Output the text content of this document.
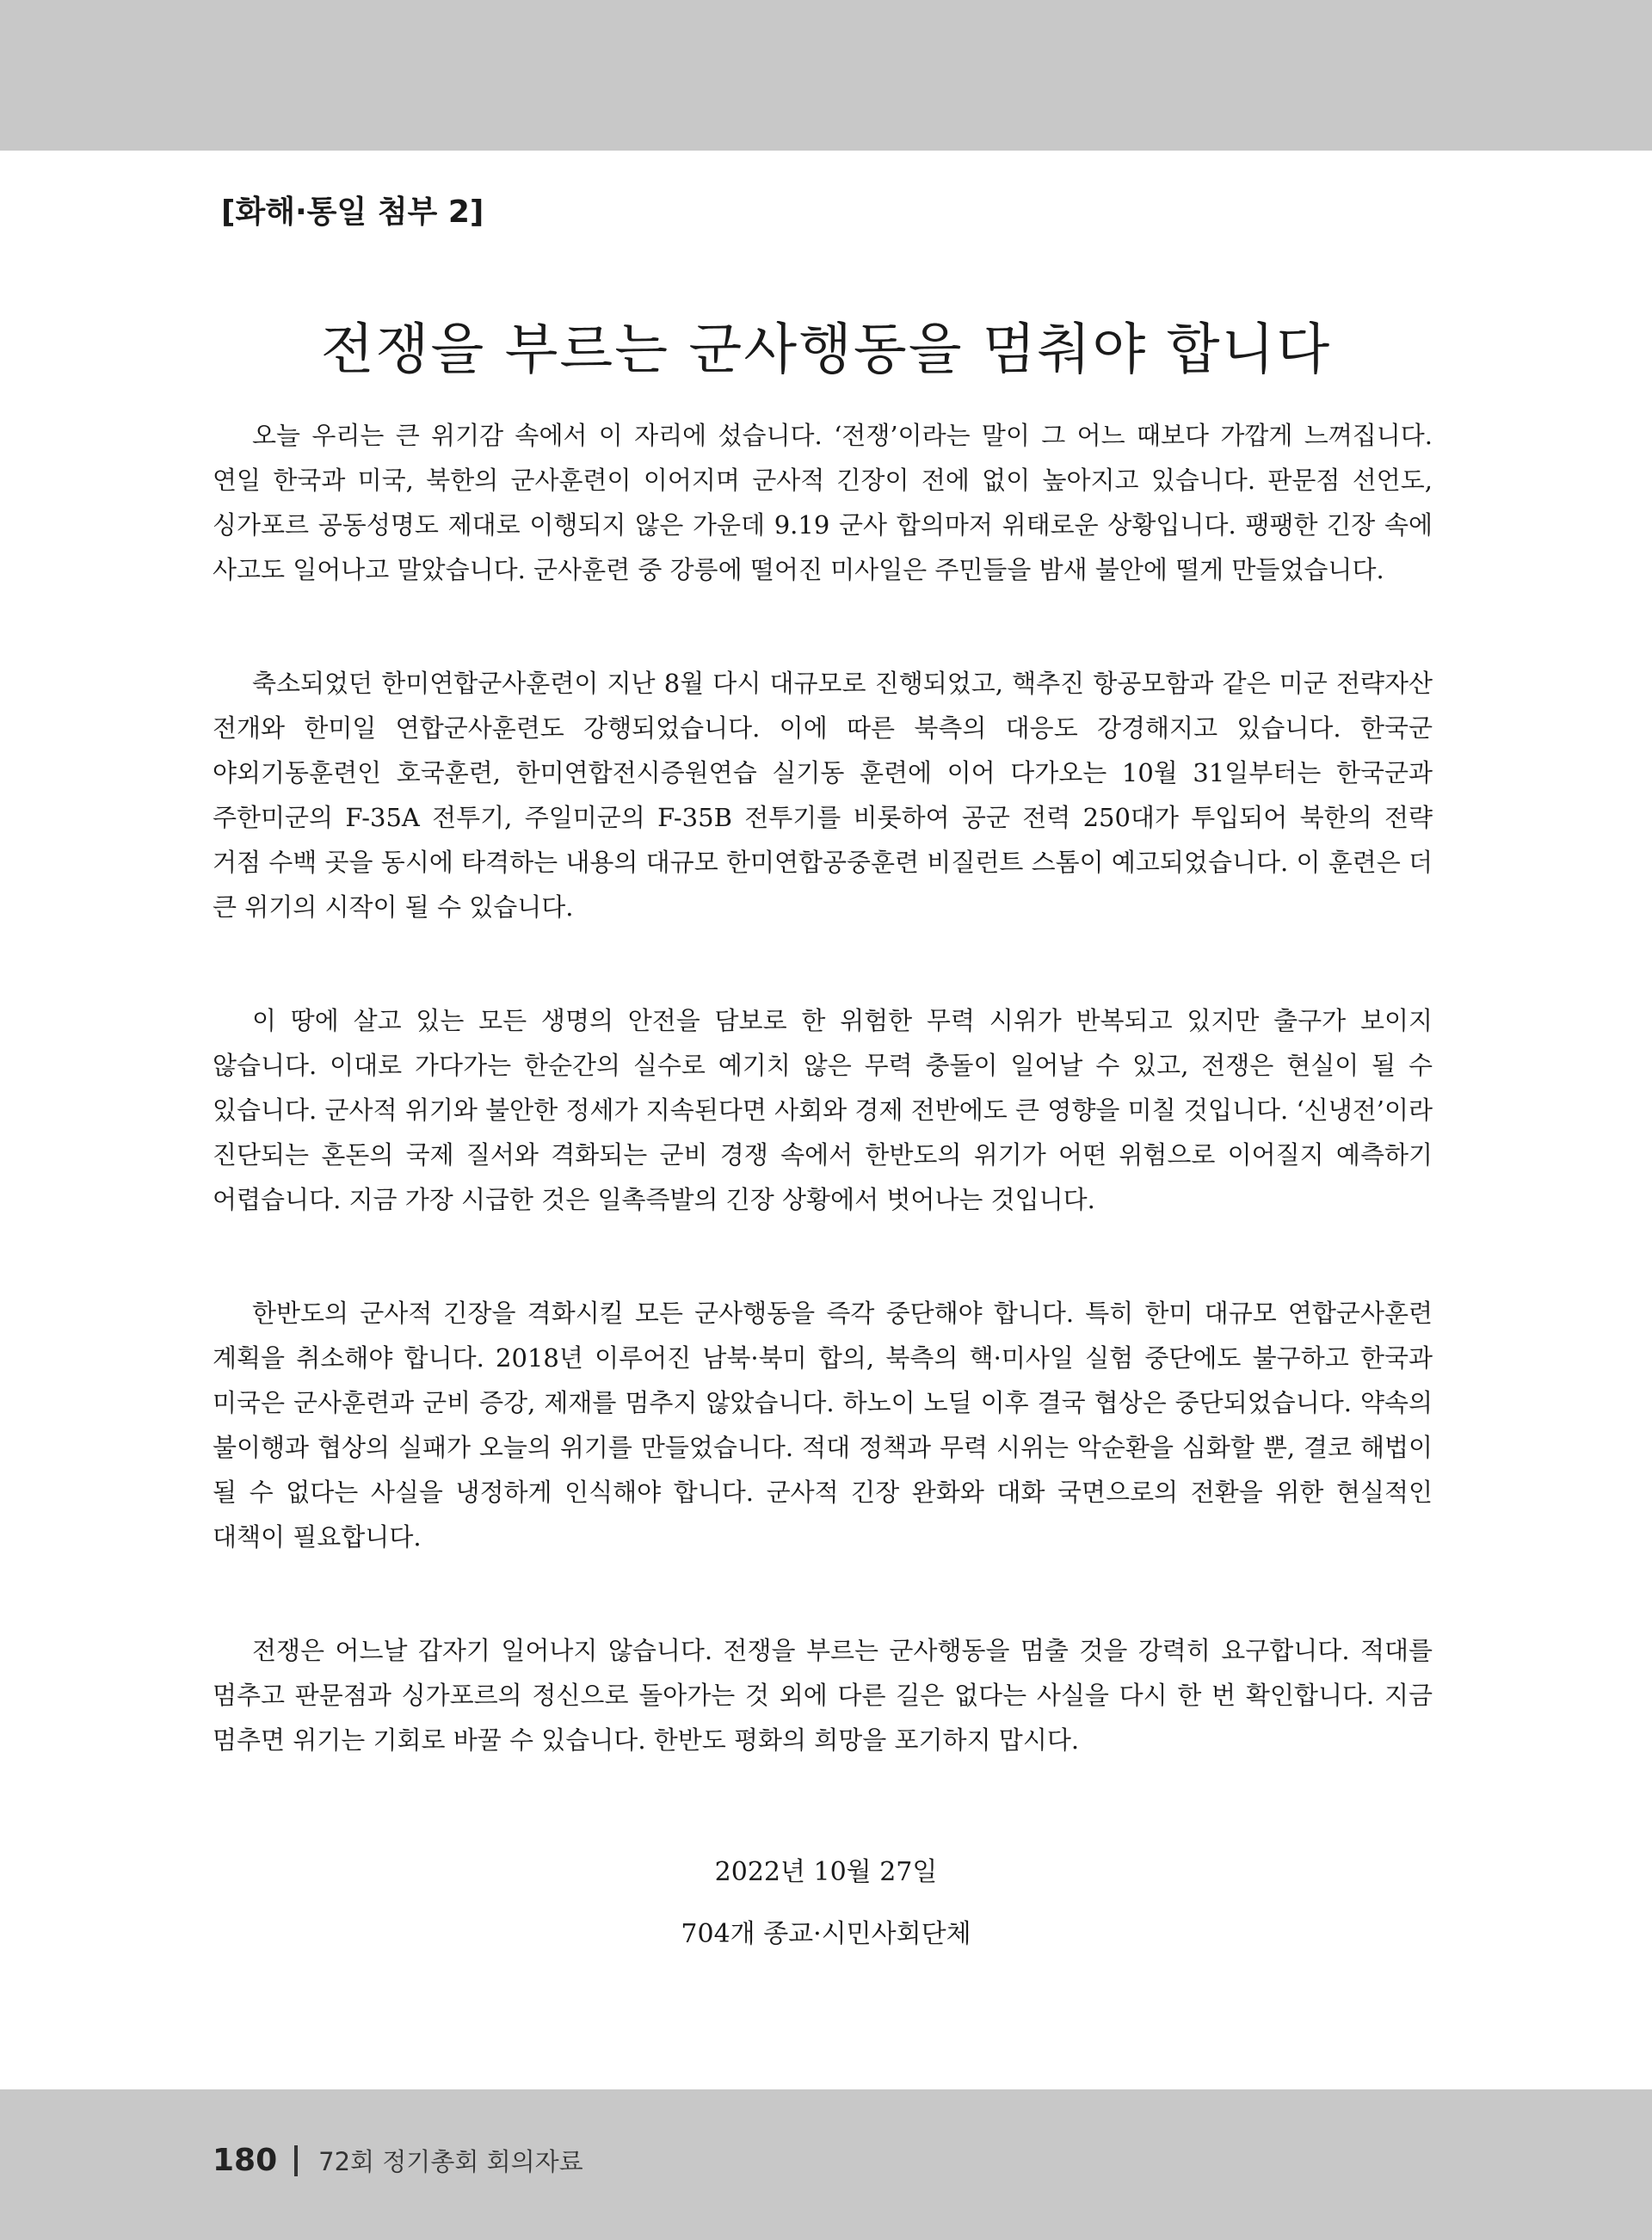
[화해·통일 첨부 2]
전쟁을 부르는 군사행동을 멈춰야 합니다

오늘 우리는 큰 위기감 속에서 이 자리에 섰습니다. ‘전쟁’이라는 말이 그 어느 때보다 가깝게 느껴집니다. 연일 한국과 미국, 북한의 군사훈련이 이어지며 군사적 긴장이 전에 없이 높아지고 있습니다. 판문점 선언도, 싱가포르 공동성명도 제대로 이행되지 않은 가운데 9.19 군사 합의마저 위태로운 상황입니다. 팽팽한 긴장 속에 사고도 일어나고 말았습니다. 군사훈련 중 강릉에 떨어진 미사일은 주민들을 밤새 불안에 떨게 만들었습니다.

축소되었던 한미연합군사훈련이 지난 8월 다시 대규모로 진행되었고, 핵추진 항공모함과 같은 미군 전략자산 전개와 한미일 연합군사훈련도 강행되었습니다. 이에 따른 북측의 대응도 강경해지고 있습니다. 한국군 야외기동훈련인 호국훈련, 한미연합전시증원연습 실기동 훈련에 이어 다가오는 10월 31일부터는 한국군과 주한미군의 F-35A 전투기, 주일미군의 F-35B 전투기를 비롯하여 공군 전력 250대가 투입되어 북한의 전략 거점 수백 곳을 동시에 타격하는 내용의 대규모 한미연합공중훈련 비질런트 스톰이 예고되었습니다. 이 훈련은 더 큰 위기의 시작이 될 수 있습니다.

이 땅에 살고 있는 모든 생명의 안전을 담보로 한 위험한 무력 시위가 반복되고 있지만 출구가 보이지 않습니다. 이대로 가다가는 한순간의 실수로 예기치 않은 무력 충돌이 일어날 수 있고, 전쟁은 현실이 될 수 있습니다. 군사적 위기와 불안한 정세가 지속된다면 사회와 경제 전반에도 큰 영향을 미칠 것입니다. ‘신냉전’이라 진단되는 혼돈의 국제 질서와 격화되는 군비 경쟁 속에서 한반도의 위기가 어떤 위험으로 이어질지 예측하기 어렵습니다. 지금 가장 시급한 것은 일촉즉발의 긴장 상황에서 벗어나는 것입니다.

한반도의 군사적 긴장을 격화시킬 모든 군사행동을 즉각 중단해야 합니다. 특히 한미 대규모 연합군사훈련 계획을 취소해야 합니다. 2018년 이루어진 남북·북미 합의, 북측의 핵·미사일 실험 중단에도 불구하고 한국과 미국은 군사훈련과 군비 증강, 제재를 멈추지 않았습니다. 하노이 노딜 이후 결국 협상은 중단되었습니다. 약속의 불이행과 협상의 실패가 오늘의 위기를 만들었습니다. 적대 정책과 무력 시위는 악순환을 심화할 뿐, 결코 해법이 될 수 없다는 사실을 냉정하게 인식해야 합니다. 군사적 긴장 완화와 대화 국면으로의 전환을 위한 현실적인 대책이 필요합니다.

전쟁은 어느날 갑자기 일어나지 않습니다. 전쟁을 부르는 군사행동을 멈출 것을 강력히 요구합니다. 적대를 멈추고 판문점과 싱가포르의 정신으로 돌아가는 것 외에 다른 길은 없다는 사실을 다시 한 번 확인합니다. 지금 멈추면 위기는 기회로 바꿀 수 있습니다. 한반도 평화의 희망을 포기하지 맙시다.

2022년 10월 27일
704개 종교·시민사회단체
180 72회 정기총회 회의자료
